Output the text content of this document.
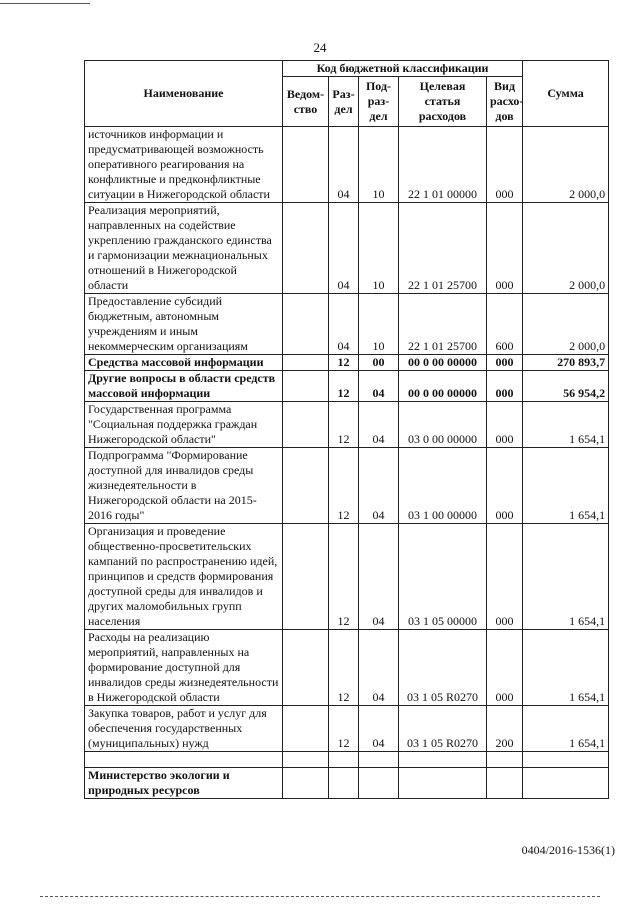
24
Наименование	Код бюджетной классификации					Сумма
	Ведом-ство	Раз-дел	Под-раз-дел	Целевая статья расходов	Вид расхо-дов	
источников информации и предусматривающей возможность оперативного реагирования на конфликтные и предконфликтные ситуации в Нижегородской области		04	10	22 1 01 00000	000	2 000,0
Реализация мероприятий, направленных на содействие укреплению гражданского единства и гармонизации межнациональных отношений в Нижегородской области		04	10	22 1 01 25700	000	2 000,0
Предоставление субсидий бюджетным, автономным учреждениям и иным некоммерческим организациям		04	10	22 1 01 25700	600	2 000,0
Средства массовой информации		12	00	00 0 00 00000	000	270 893,7
Другие вопросы в области средств массовой информации		12	04	00 0 00 00000	000	56 954,2
Государственная программа "Социальная поддержка граждан Нижегородской области"		12	04	03 0 00 00000	000	1 654,1
Подпрограмма "Формирование доступной для инвалидов среды жизнедеятельности в Нижегородской области на 2015-2016 годы"		12	04	03 1 00 00000	000	1 654,1
Организация и проведение общественно-просветительских кампаний по распространению идей, принципов и средств формирования доступной среды для инвалидов и других маломобильных групп населения		12	04	03 1 05 00000	000	1 654,1
Расходы на реализацию мероприятий, направленных на формирование доступной для инвалидов среды жизнедеятельности в Нижегородской области		12	04	03 1 05 R0270	000	1 654,1
Закупка товаров, работ и услуг для обеспечения государственных (муниципальных) нужд		12	04	03 1 05 R0270	200	1 654,1

Министерство экологии и природных ресурсов						
0404/2016-1536(1)
